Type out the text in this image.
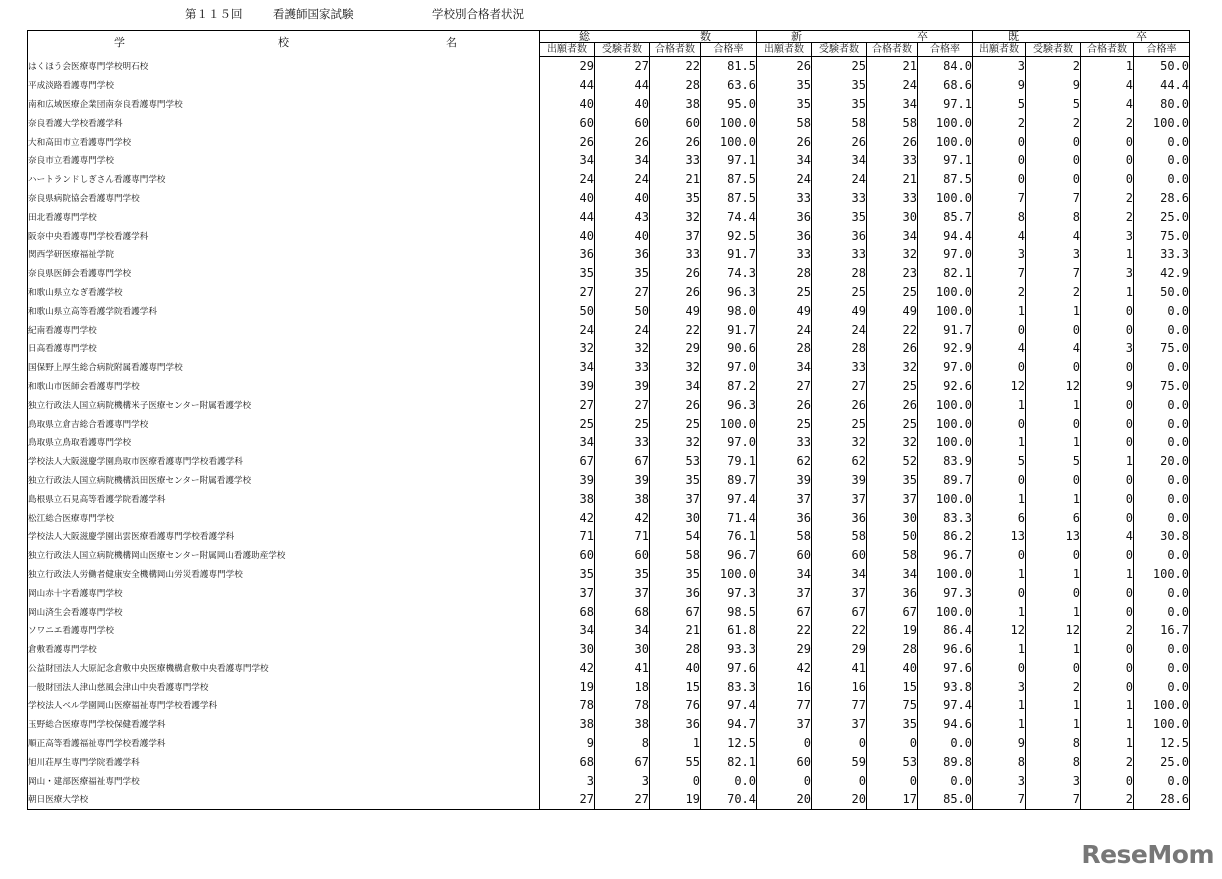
第１１５回	看護師国家試験	学校別合格者状況
学 校 名	総 数				新 卒				既 卒			

	出願者数	受験者数	合格者数	合格率	出願者数	受験者数	合格者数	合格率	出願者数	受験者数	合格者数	合格率
はくほう会医療専門学校明石校	29	27	22	81.5	26	25	21	84.0	3	2	1	50.0
平成淡路看護専門学校	44	44	28	63.6	35	35	24	68.6	9	9	4	44.4
南和広域医療企業団南奈良看護専門学校	40	40	38	95.0	35	35	34	97.1	5	5	4	80.0
奈良看護大学校看護学科	60	60	60	100.0	58	58	58	100.0	2	2	2	100.0
大和高田市立看護専門学校	26	26	26	100.0	26	26	26	100.0	0	0	0	0.0
奈良市立看護専門学校	34	34	33	97.1	34	34	33	97.1	0	0	0	0.0
ハートランドしぎさん看護専門学校	24	24	21	87.5	24	24	21	87.5	0	0	0	0.0
奈良県病院協会看護専門学校	40	40	35	87.5	33	33	33	100.0	7	7	2	28.6
田北看護専門学校	44	43	32	74.4	36	35	30	85.7	8	8	2	25.0
阪奈中央看護専門学校看護学科	40	40	37	92.5	36	36	34	94.4	4	4	3	75.0
関西学研医療福祉学院	36	36	33	91.7	33	33	32	97.0	3	3	1	33.3
奈良県医師会看護専門学校	35	35	26	74.3	28	28	23	82.1	7	7	3	42.9
和歌山県立なぎ看護学校	27	27	26	96.3	25	25	25	100.0	2	2	1	50.0
和歌山県立高等看護学院看護学科	50	50	49	98.0	49	49	49	100.0	1	1	0	0.0
紀南看護専門学校	24	24	22	91.7	24	24	22	91.7	0	0	0	0.0
日高看護専門学校	32	32	29	90.6	28	28	26	92.9	4	4	3	75.0
国保野上厚生総合病院附属看護専門学校	34	33	32	97.0	34	33	32	97.0	0	0	0	0.0
和歌山市医師会看護専門学校	39	39	34	87.2	27	27	25	92.6	12	12	9	75.0
独立行政法人国立病院機構米子医療センター附属看護学校	27	27	26	96.3	26	26	26	100.0	1	1	0	0.0
鳥取県立倉吉総合看護専門学校	25	25	25	100.0	25	25	25	100.0	0	0	0	0.0
鳥取県立鳥取看護専門学校	34	33	32	97.0	33	32	32	100.0	1	1	0	0.0
学校法人大阪滋慶学園鳥取市医療看護専門学校看護学科	67	67	53	79.1	62	62	52	83.9	5	5	1	20.0
独立行政法人国立病院機構浜田医療センター附属看護学校	39	39	35	89.7	39	39	35	89.7	0	0	0	0.0
島根県立石見高等看護学院看護学科	38	38	37	97.4	37	37	37	100.0	1	1	0	0.0
松江総合医療専門学校	42	42	30	71.4	36	36	30	83.3	6	6	0	0.0
学校法人大阪滋慶学園出雲医療看護専門学校看護学科	71	71	54	76.1	58	58	50	86.2	13	13	4	30.8
独立行政法人国立病院機構岡山医療センター附属岡山看護助産学校	60	60	58	96.7	60	60	58	96.7	0	0	0	0.0
独立行政法人労働者健康安全機構岡山労災看護専門学校	35	35	35	100.0	34	34	34	100.0	1	1	1	100.0
岡山赤十字看護専門学校	37	37	36	97.3	37	37	36	97.3	0	0	0	0.0
岡山済生会看護専門学校	68	68	67	98.5	67	67	67	100.0	1	1	0	0.0
ソワニエ看護専門学校	34	34	21	61.8	22	22	19	86.4	12	12	2	16.7
倉敷看護専門学校	30	30	28	93.3	29	29	28	96.6	1	1	0	0.0
公益財団法人大原記念倉敷中央医療機構倉敷中央看護専門学校	42	41	40	97.6	42	41	40	97.6	0	0	0	0.0
一般財団法人津山慈風会津山中央看護専門学校	19	18	15	83.3	16	16	15	93.8	3	2	0	0.0
学校法人ベル学園岡山医療福祉専門学校看護学科	78	78	76	97.4	77	77	75	97.4	1	1	1	100.0
玉野総合医療専門学校保健看護学科	38	38	36	94.7	37	37	35	94.6	1	1	1	100.0
順正高等看護福祉専門学校看護学科	9	8	1	12.5	0	0	0	0.0	9	8	1	12.5
旭川荘厚生専門学院看護学科	68	67	55	82.1	60	59	53	89.8	8	8	2	25.0
岡山・建部医療福祉専門学校	3	3	0	0.0	0	0	0	0.0	3	3	0	0.0
朝日医療大学校	27	27	19	70.4	20	20	17	85.0	7	7	2	28.6
ReseMom
